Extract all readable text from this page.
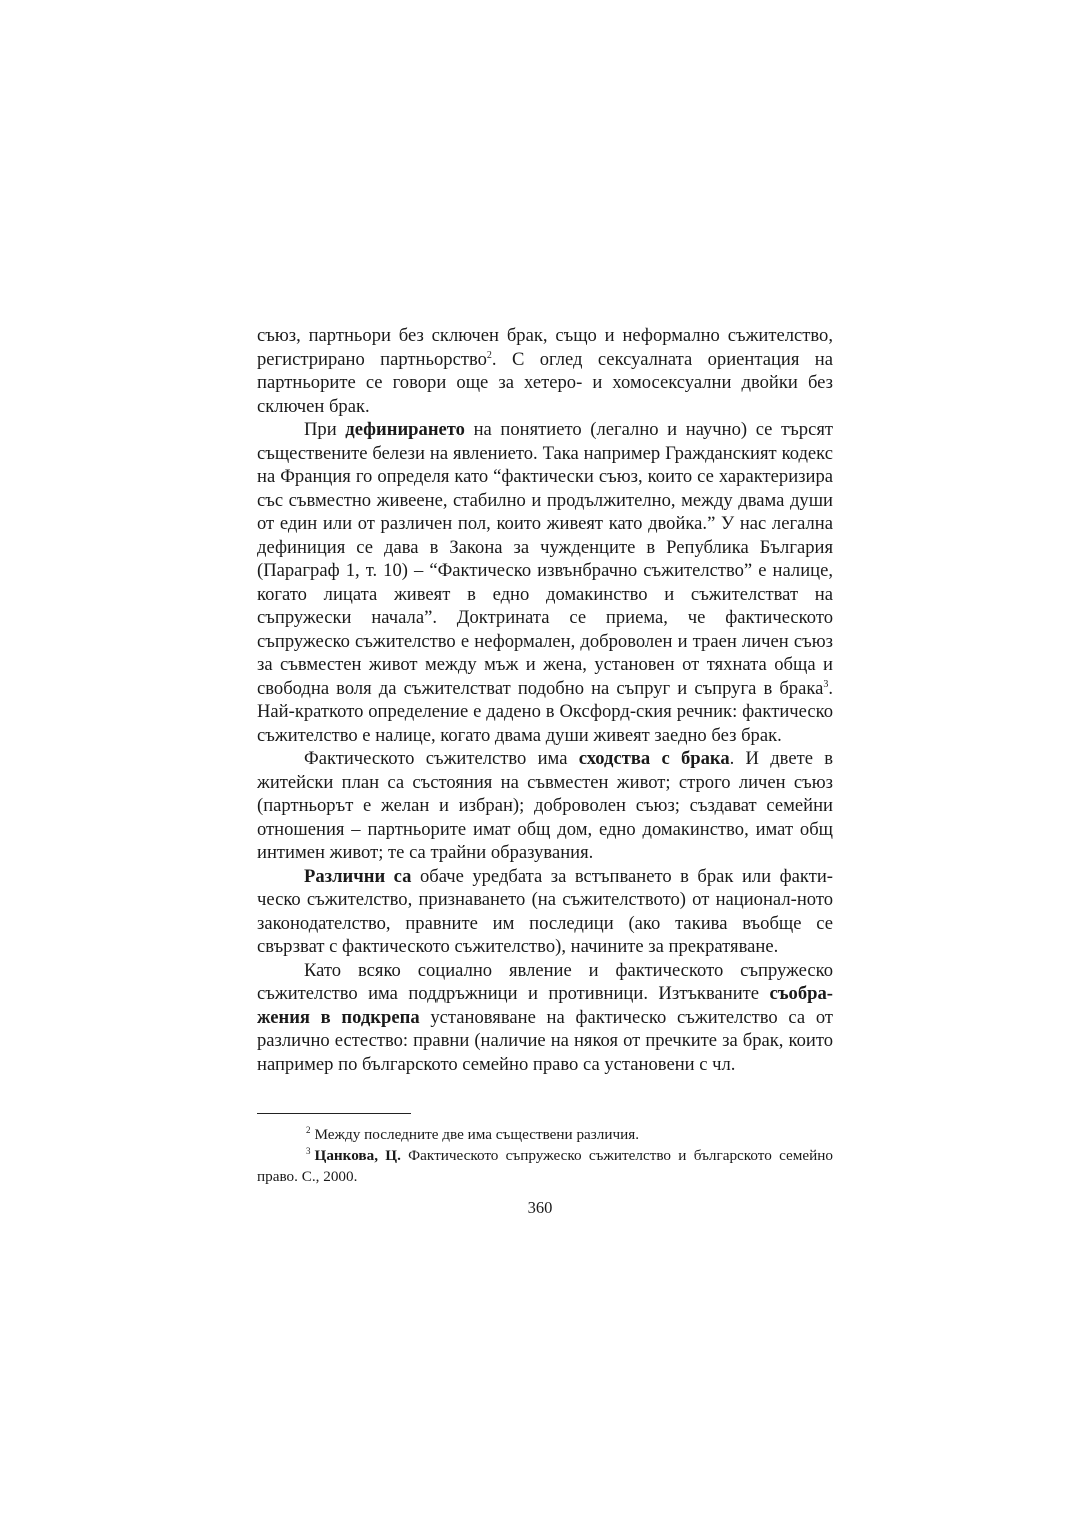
съюз, партньори без сключен брак, също и неформално съжителство, регистрирано партньорство$^2$. С оглед сексуалната ориентация на партньорите се говори още за хетеро- и хомосексуални двойки без сключен брак.

При дефинирането на понятието (легално и научно) се търсят съществените белези на явлението. Така например Гражданският кодекс на Франция го определя като “фактически съюз, които се характеризира със съвместно живеене, стабилно и продължително, между двама души от един или от различен пол, които живеят като двойка.” У нас легална дефиниция се дава в Закона за чужденците в Република България (Параграф 1, т. 10) – “Фактическо извънбрачно съжителство” е налице, когато лицата живеят в едно домакинство и съжителстват на съпружески начала”. Доктрината се приема, че фактическото съпружеско съжителство е неформален, доброволен и траен личен съюз за съвместен живот между мъж и жена, установен от тяхната обща и свободна воля да съжителстват подобно на съпруг и съпруга в брака$^3$. Най-краткото определение е дадено в Оксфорд-ския речник: фактическо съжителство е налице, когато двама души живеят заедно без брак.

Фактическото съжителство има сходства с брака. И двете в житейски план са състояния на съвместен живот; строго личен съюз (партньорът е желан и избран); доброволен съюз; създават семейни отношения – партньорите имат общ дом, едно домакинство, имат общ интимен живот; те са трайни образувания.

Различни са обаче уредбата за встъпването в брак или факти-ческо съжителство, признаването (на съжителството) от национал-ното законодателство, правните им последици (ако такива въобще се свързват с фактическото съжителство), начините за прекратяване.

Като всяко социално явление и фактическото съпружеско съжителство има поддръжници и противници. Изтъкваните съобра-жения в подкрепа установяване на фактическо съжителство са от различно естество: правни (наличие на някоя от пречките за брак, които например по българското семейно право са установени с чл.

$^2$ Между последните две има съществени различия.

$^3$ Цанкова, Ц. Фактическото съпружеско съжителство и българското семейно право. С., 2000.

360
